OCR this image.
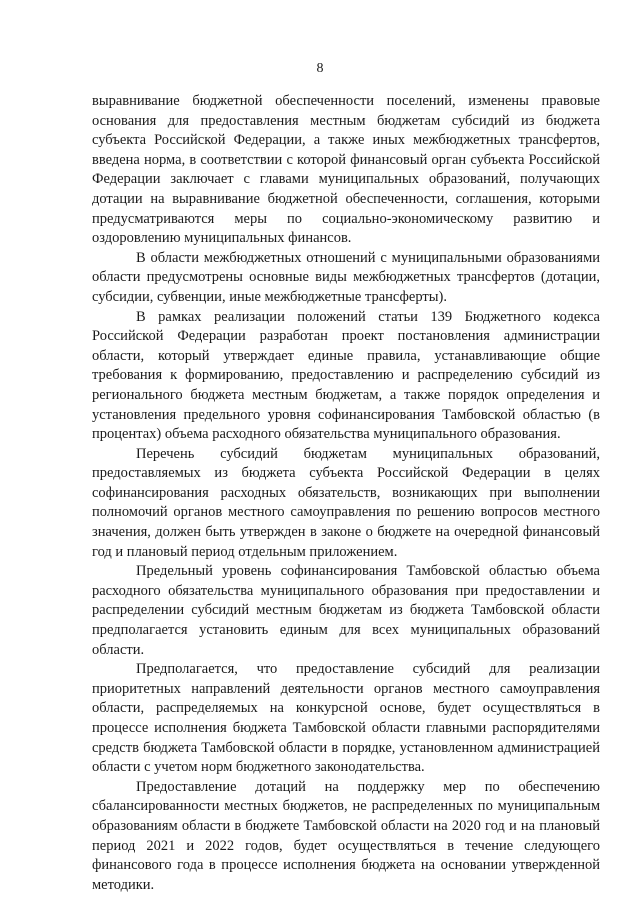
8

выравнивание бюджетной обеспеченности поселений, изменены правовые основания для предоставления местным бюджетам субсидий из бюджета субъекта Российской Федерации, а также иных межбюджетных трансфертов, введена норма, в соответствии с которой финансовый орган субъекта Российской Федерации заключает с главами муниципальных образований, получающих дотации на выравнивание бюджетной обеспеченности, соглашения, которыми предусматриваются меры по социально-экономическому развитию и оздоровлению муниципальных финансов.

В области межбюджетных отношений с муниципальными образованиями области предусмотрены основные виды межбюджетных трансфертов (дотации, субсидии, субвенции, иные межбюджетные трансферты).

В рамках реализации положений статьи 139 Бюджетного кодекса Российской Федерации разработан проект постановления администрации области, который утверждает единые правила, устанавливающие общие требования к формированию, предоставлению и распределению субсидий из регионального бюджета местным бюджетам, а также порядок определения и установления предельного уровня софинансирования Тамбовской областью (в процентах) объема расходного обязательства муниципального образования.

Перечень субсидий бюджетам муниципальных образований, предоставляемых из бюджета субъекта Российской Федерации в целях софинансирования расходных обязательств, возникающих при выполнении полномочий органов местного самоуправления по решению вопросов местного значения, должен быть утвержден в законе о бюджете на очередной финансовый год и плановый период отдельным приложением.

Предельный уровень софинансирования Тамбовской областью объема расходного обязательства муниципального образования при предоставлении и распределении субсидий местным бюджетам из бюджета Тамбовской области предполагается установить единым для всех муниципальных образований области.

Предполагается, что предоставление субсидий для реализации приоритетных направлений деятельности органов местного самоуправления области, распределяемых на конкурсной основе, будет осуществляться в процессе исполнения бюджета Тамбовской области главными распорядителями средств бюджета Тамбовской области в порядке, установленном администрацией области с учетом норм бюджетного законодательства.

Предоставление дотаций на поддержку мер по обеспечению сбалансированности местных бюджетов, не распределенных по муниципальным образованиям области в бюджете Тамбовской области на 2020 год и на плановый период 2021 и 2022 годов, будет осуществляться в течение следующего финансового года в процессе исполнения бюджета на основании утвержденной методики.
